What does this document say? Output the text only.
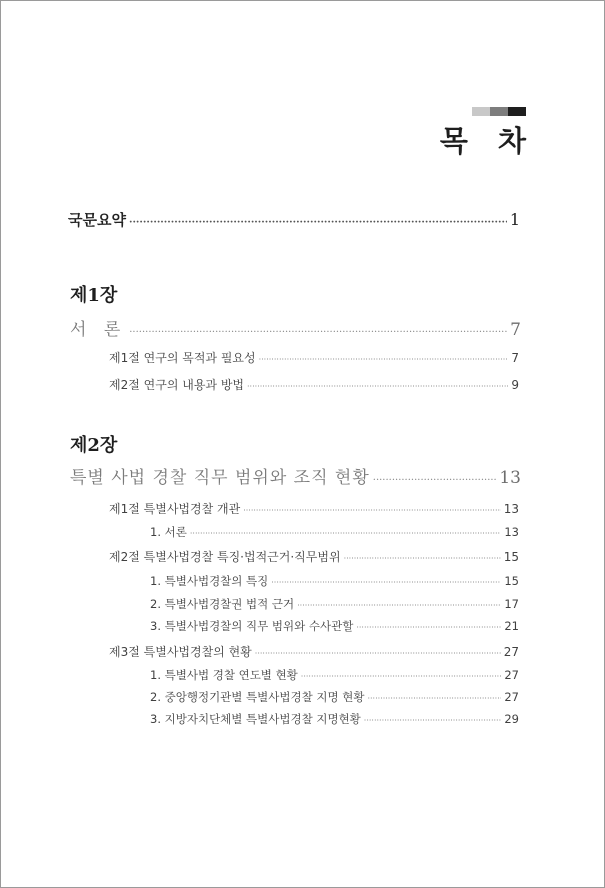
목 차
국문요약 ·····	1
제1장
서 론 ·····	7
제1절 연구의 목적과 필요성 ·····	7
제2절 연구의 내용과 방법 ·····	9
제2장
특별 사법 경찰 직무 범위와 조직 현황 ·····	13
제1절 특별사법경찰 개관 ·····	13
1. 서론 ·····	13
제2절 특별사법경찰 특징·법적근거·직무범위 ·····	15
1. 특별사법경찰의 특징 ·····	15
2. 특별사법경찰권 법적 근거 ·····	17
3. 특별사법경찰의 직무 범위와 수사관할 ·····	21
제3절 특별사법경찰의 현황 ·····	27
1. 특별사법 경찰 연도별 현황 ·····	27
2. 중앙행정기관별 특별사법경찰 지명 현황 ·····	27
3. 지방자치단체별 특별사법경찰 지명현황 ·····	29
